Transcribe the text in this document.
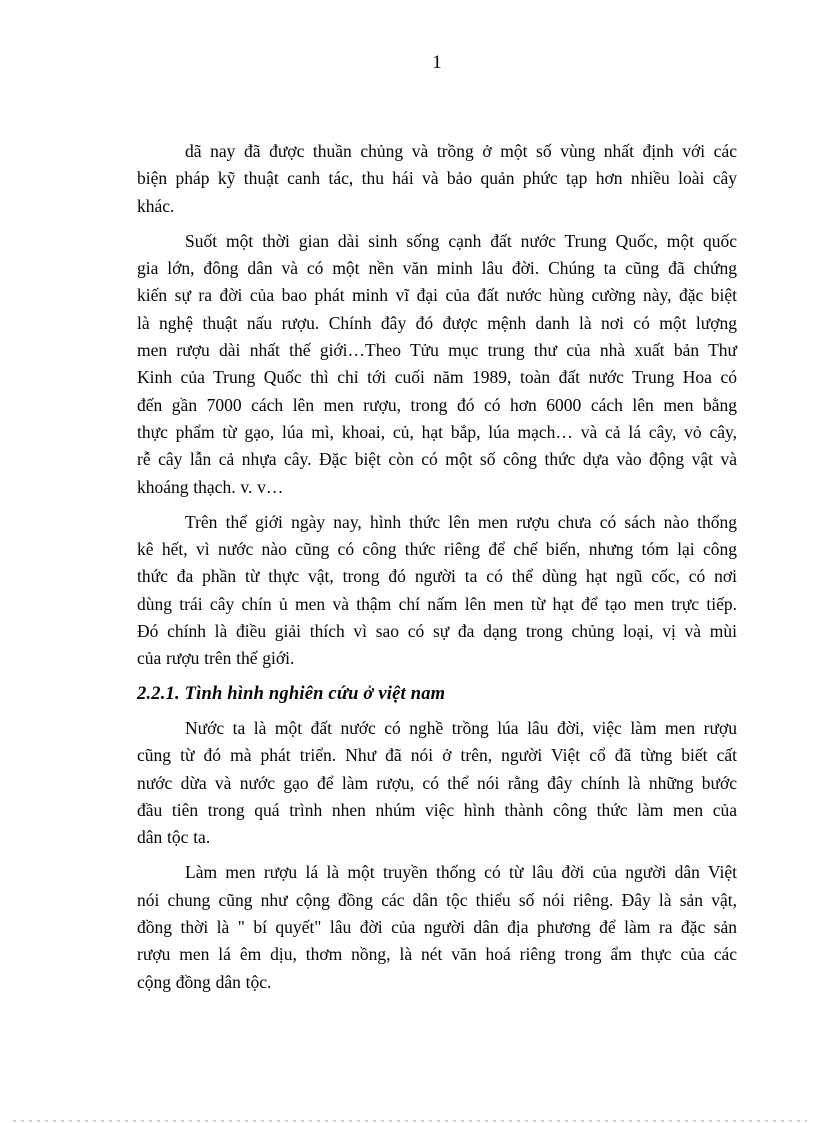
1
dã nay đã được thuần chủng và trồng ở một số vùng nhất định với các
biện pháp kỹ thuật canh tác, thu hái và bảo quản phức tạp hơn nhiều loài cây
khác.
Suốt một thời gian dài sinh sống cạnh đất nước Trung Quốc, một quốc
gia lớn, đông dân và có một nền văn minh lâu đời. Chúng ta cũng đã chứng
kiến sự ra đời của bao phát minh vĩ đại của đất nước hùng cường này, đặc biệt
là nghệ thuật nấu rượu. Chính đây đó được mệnh danh là nơi có một lượng
men rượu dài nhất thế giới…Theo Tửu mục trung thư của nhà xuất bản Thư
Kinh của Trung Quốc thì chỉ tới cuối năm 1989, toàn đất nước Trung Hoa có
đến gần 7000 cách lên men rượu, trong đó có hơn 6000 cách lên men bằng
thực phẩm từ gạo, lúa mì, khoai, củ, hạt bắp, lúa mạch… và cả lá cây, vỏ cây,
rễ cây lẫn cả nhựa cây. Đặc biệt còn có một số công thức dựa vào động vật và
khoáng thạch. v. v…
Trên thế giới ngày nay, hình thức lên men rượu chưa có sách nào thống
kê hết, vì nước nào cũng có công thức riêng để chế biến, nhưng tóm lại công
thức đa phần từ thực vật, trong đó người ta có thể dùng hạt ngũ cốc, có nơi
dùng trái cây chín ủ men và thậm chí nấm lên men từ hạt để tạo men trực tiếp.
Đó chính là điều giải thích vì sao có sự đa dạng trong chủng loại, vị và mùi
của rượu trên thế giới.
2.2.1. Tình hình nghiên cứu ở việt nam
Nước ta là một đất nước có nghề trồng lúa lâu đời, việc làm men rượu
cũng từ đó mà phát triển. Như đã nói ở trên, người Việt cổ đã từng biết cất
nước dừa và nước gạo để làm rượu, có thể nói rằng đây chính là những bước
đầu tiên trong quá trình nhen nhúm việc hình thành công thức làm men của
dân tộc ta.
Làm men rượu lá là một truyền thống có từ lâu đời của người dân Việt
nói chung cũng như cộng đồng các dân tộc thiểu số nói riêng. Đây là sản vật,
đồng thời là " bí quyết" lâu đời của người dân địa phương để làm ra đặc sản
rượu men lá êm dịu, thơm nồng, là nét văn hoá riêng trong ẩm thực của các
cộng đồng dân tộc.
